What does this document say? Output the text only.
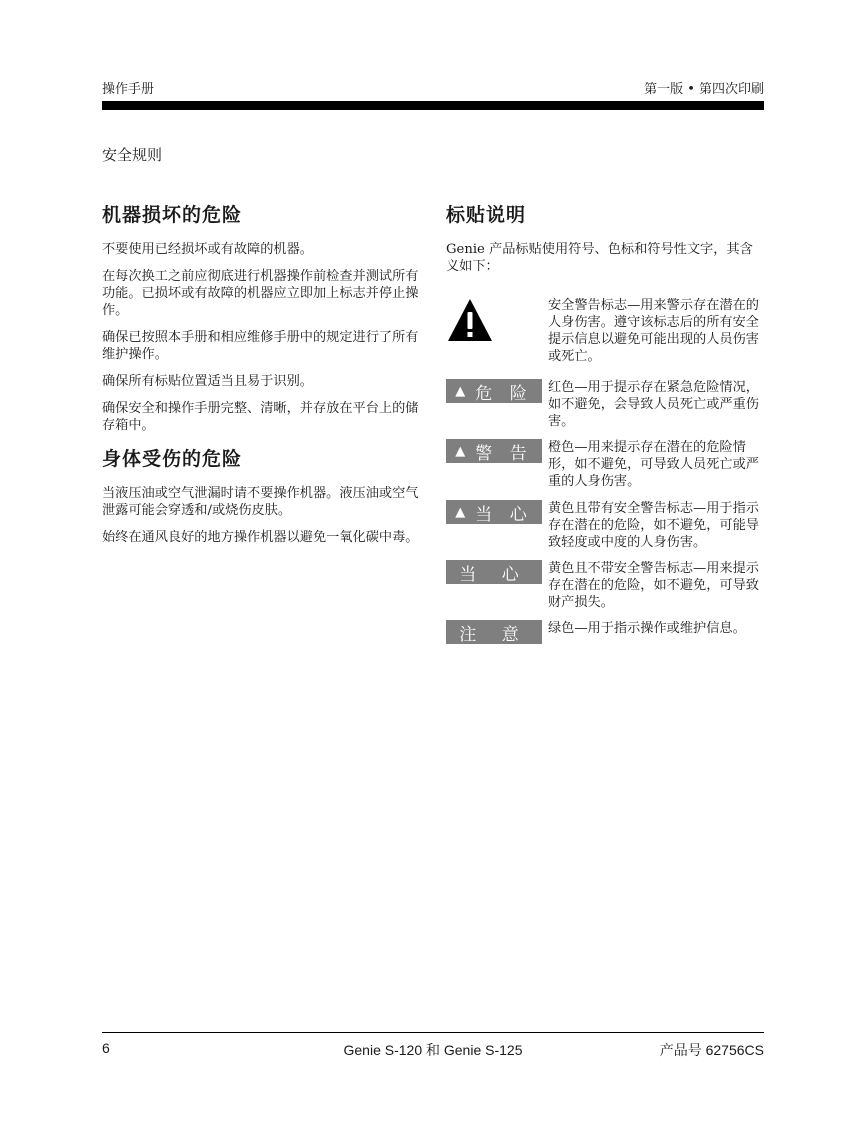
操作手册	第一版 • 第四次印刷
安全规则
机器损坏的危险

不要使用已经损坏或有故障的机器。

在每次换工之前应彻底进行机器操作前检查并测试所有功能。已损坏或有故障的机器应立即加上标志并停止操作。

确保已按照本手册和相应维修手册中的规定进行了所有维护操作。

确保所有标贴位置适当且易于识别。

确保安全和操作手册完整、清晰，并存放在平台上的储存箱中。

身体受伤的危险

当液压油或空气泄漏时请不要操作机器。液压油或空气泄露可能会穿透和/或烧伤皮肤。

始终在通风良好的地方操作机器以避免一氧化碳中毒。

标贴说明

Genie 产品标贴使用符号、色标和符号性文字，其含义如下：

安全警告标志—用来警示存在潜在的人身伤害。遵守该标志后的所有安全提示信息以避免可能出现的人员伤害或死亡。
▲ 危 险 红色—用于提示存在紧急危险情况，如不避免，会导致人员死亡或严重伤害。
▲ 警 告 橙色—用来提示存在潜在的危险情形，如不避免，可导致人员死亡或严重的人身伤害。
▲ 当 心 黄色且带有安全警告标志—用于指示存在潜在的危险，如不避免，可能导致轻度或中度的人身伤害。
当 心 黄色且不带安全警告标志—用来提示存在潜在的危险，如不避免，可导致财产损失。
注 意 绿色—用于指示操作或维护信息。
6	Genie S-120 和 Genie S-125	产品号 62756CS
